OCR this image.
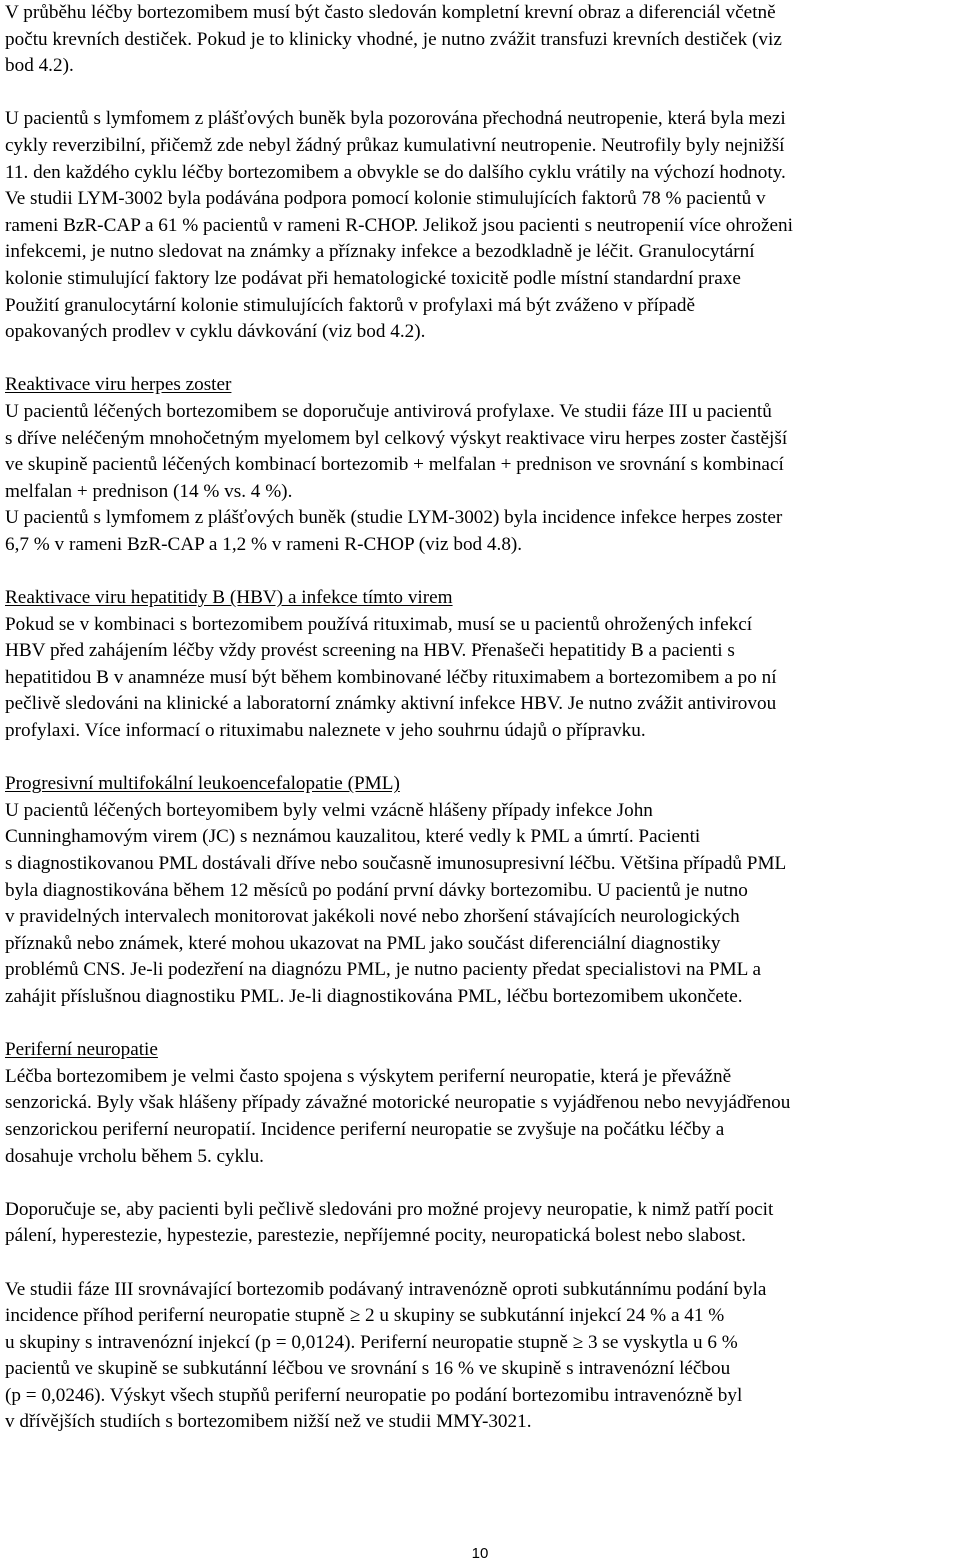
V průběhu léčby bortezomibem musí být často sledován kompletní krevní obraz a diferenciál včetně
počtu krevních destiček. Pokud je to klinicky vhodné, je nutno zvážit transfuzi krevních destiček (viz
bod 4.2).
U pacientů s lymfomem z plášťových buněk byla pozorována přechodná neutropenie, která byla mezi
cykly reverzibilní, přičemž zde nebyl žádný průkaz kumulativní neutropenie. Neutrofily byly nejnižší
11. den každého cyklu léčby bortezomibem a obvykle se do dalšího cyklu vrátily na výchozí hodnoty.
Ve studii LYM-3002 byla podávána podpora pomocí kolonie stimulujících faktorů 78 % pacientů v
rameni BzR-CAP a 61 % pacientů v rameni R-CHOP. Jelikož jsou pacienti s neutropenií více ohroženi
infekcemi, je nutno sledovat na známky a příznaky infekce a bezodkladně je léčit. Granulocytární
kolonie stimulující faktory lze podávat při hematologické toxicitě podle místní standardní praxe
Použití granulocytární kolonie stimulujících faktorů v profylaxi má být zváženo v případě
opakovaných prodlev v cyklu dávkování (viz bod 4.2).
Reaktivace viru herpes zoster
U pacientů léčených bortezomibem se doporučuje antivirová profylaxe. Ve studii fáze III u pacientů
s dříve neléčeným mnohočetným myelomem byl celkový výskyt reaktivace viru herpes zoster častější
ve skupině pacientů léčených kombinací bortezomib + melfalan + prednison ve srovnání s kombinací
melfalan + prednison (14 % vs. 4 %).
U pacientů s lymfomem z plášťových buněk (studie LYM-3002) byla incidence infekce herpes zoster
6,7 % v rameni BzR-CAP a 1,2 % v rameni R-CHOP (viz bod 4.8).
Reaktivace viru hepatitidy B (HBV) a infekce tímto virem
Pokud se v kombinaci s bortezomibem používá rituximab, musí se u pacientů ohrožených infekcí
HBV před zahájením léčby vždy provést screening na HBV. Přenašeči hepatitidy B a pacienti s
hepatitidou B v anamnéze musí být během kombinované léčby rituximabem a bortezomibem a po ní
pečlivě sledováni na klinické a laboratorní známky aktivní infekce HBV. Je nutno zvážit antivirovou
profylaxi. Více informací o rituximabu naleznete v jeho souhrnu údajů o přípravku.
Progresivní multifokální leukoencefalopatie (PML)
U pacientů léčených borteyomibem byly velmi vzácně hlášeny případy infekce John
Cunninghamovým virem (JC) s neznámou kauzalitou, které vedly k PML a úmrtí. Pacienti
s diagnostikovanou PML dostávali dříve nebo současně imunosupresivní léčbu. Většina případů PML
byla diagnostikována během 12 měsíců po podání první dávky bortezomibu. U pacientů je nutno
v pravidelných intervalech monitorovat jakékoli nové nebo zhoršení stávajících neurologických
příznaků nebo známek, které mohou ukazovat na PML jako součást diferenciální diagnostiky
problémů CNS. Je-li podezření na diagnózu PML, je nutno pacienty předat specialistovi na PML a
zahájit příslušnou diagnostiku PML. Je-li diagnostikována PML, léčbu bortezomibem ukončete.
Periferní neuropatie
Léčba bortezomibem je velmi často spojena s výskytem periferní neuropatie, která je převážně
senzorická. Byly však hlášeny případy závažné motorické neuropatie s vyjádřenou nebo nevyjádřenou
senzorickou periferní neuropatií. Incidence periferní neuropatie se zvyšuje na počátku léčby a
dosahuje vrcholu během 5. cyklu.
Doporučuje se, aby pacienti byli pečlivě sledováni pro možné projevy neuropatie, k nimž patří pocit
pálení, hyperestezie, hypestezie, parestezie, nepříjemné pocity, neuropatická bolest nebo slabost.
Ve studii fáze III srovnávající bortezomib podávaný intravenózně oproti subkutánnímu podání byla
incidence příhod periferní neuropatie stupně ≥ 2 u skupiny se subkutánní injekcí 24 % a 41 %
u skupiny s intravenózní injekcí (p = 0,0124). Periferní neuropatie stupně ≥ 3 se vyskytla u 6 %
pacientů ve skupině se subkutánní léčbou ve srovnání s 16 % ve skupině s intravenózní léčbou
(p = 0,0246). Výskyt všech stupňů periferní neuropatie po podání bortezomibu intravenózně byl
v dřívějších studiích s bortezomibem nižší než ve studii MMY-3021.
10
